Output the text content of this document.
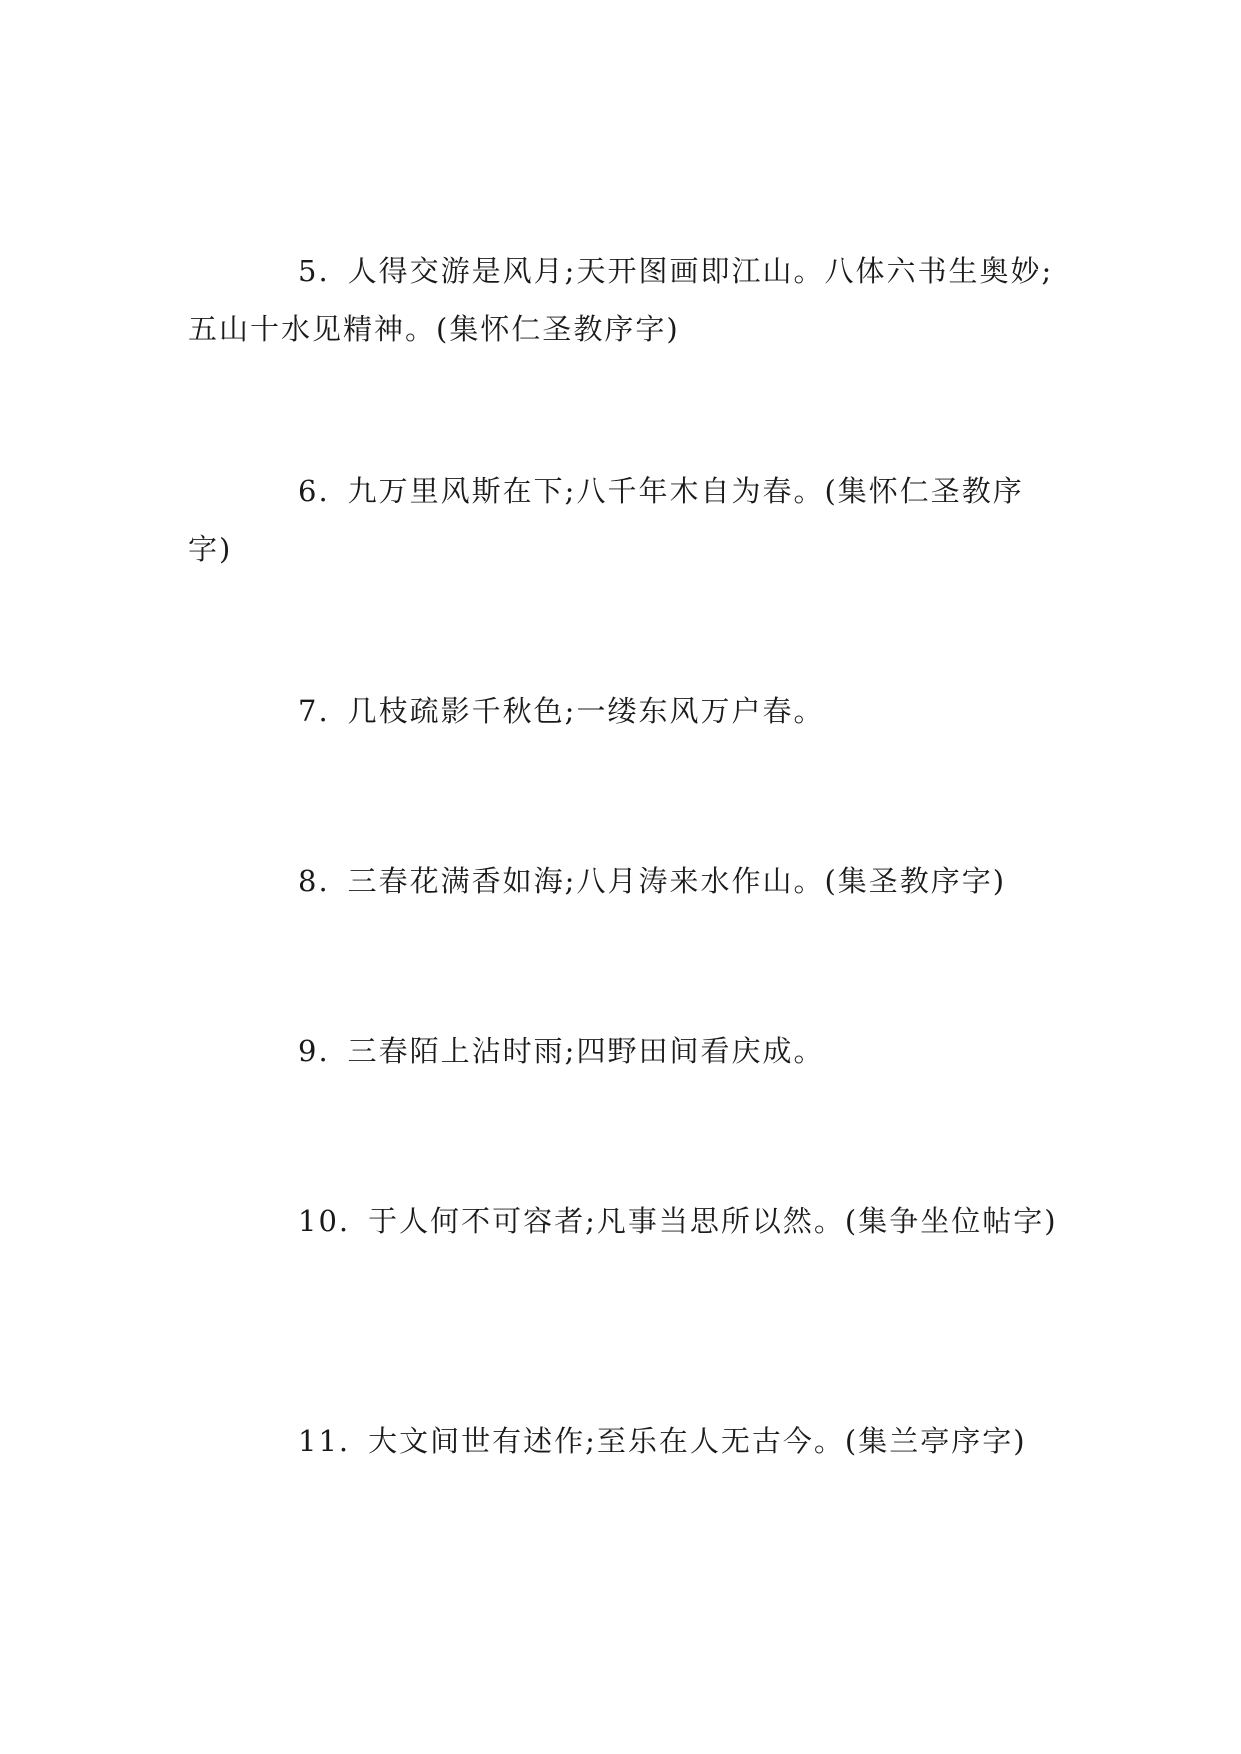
5. 人得交游是风月;天开图画即江山。八体六书生奥妙;五山十水见精神。(集怀仁圣教序字)

6. 九万里风斯在下;八千年木自为春。(集怀仁圣教序字)

7. 几枝疏影千秋色;一缕东风万户春。

8. 三春花满香如海;八月涛来水作山。(集圣教序字)

9. 三春陌上沾时雨;四野田间看庆成。

10. 于人何不可容者;凡事当思所以然。(集争坐位帖字)

11. 大文间世有述作;至乐在人无古今。(集兰亭序字)
